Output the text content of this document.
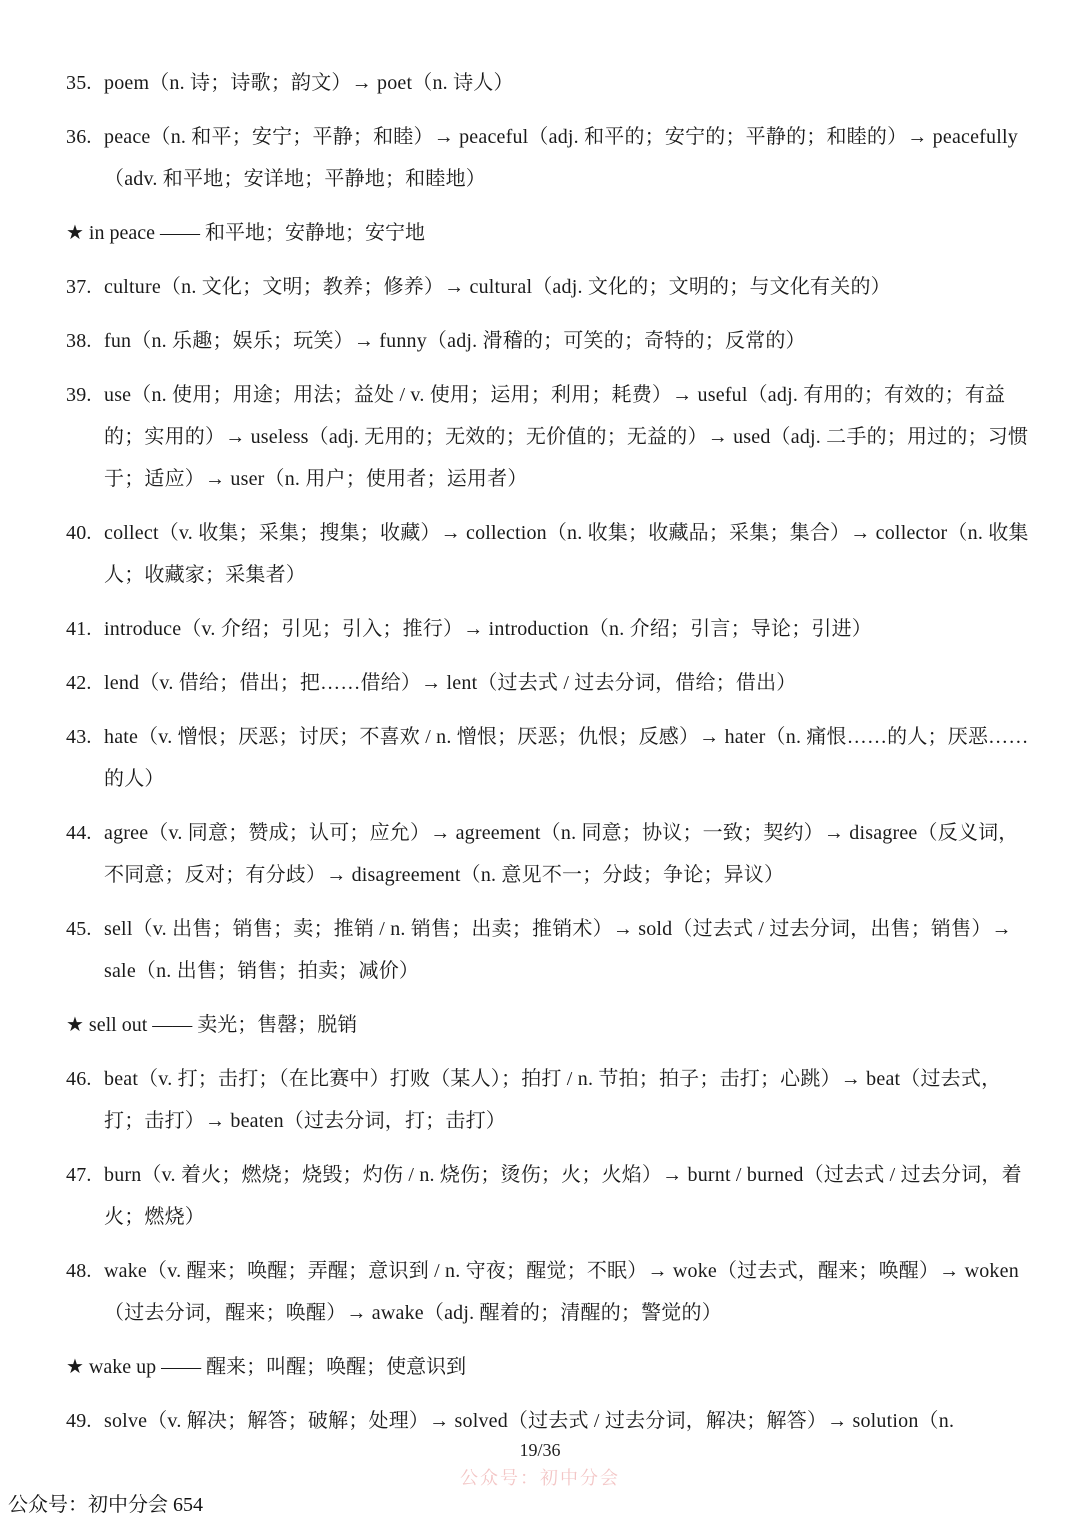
35. poem（n. 诗；诗歌；韵文）→ poet（n. 诗人）
36. peace（n. 和平；安宁；平静；和睦）→ peaceful（adj. 和平的；安宁的；平静的；和睦的）→ peacefully（adv. 和平地；安详地；平静地；和睦地）
★ in peace —— 和平地；安静地；安宁地
37. culture（n. 文化；文明；教养；修养）→ cultural（adj. 文化的；文明的；与文化有关的）
38. fun（n. 乐趣；娱乐；玩笑）→ funny（adj. 滑稽的；可笑的；奇特的；反常的）
39. use（n. 使用；用途；用法；益处 / v. 使用；运用；利用；耗费）→ useful（adj. 有用的；有效的；有益的；实用的）→ useless（adj. 无用的；无效的；无价值的；无益的）→ used（adj. 二手的；用过的；习惯于；适应）→ user（n. 用户；使用者；运用者）
40. collect（v. 收集；采集；搜集；收藏）→ collection（n. 收集；收藏品；采集；集合）→ collector（n. 收集人；收藏家；采集者）
41. introduce（v. 介绍；引见；引入；推行）→ introduction（n. 介绍；引言；导论；引进）
42. lend（v. 借给；借出；把……借给）→ lent（过去式 / 过去分词，借给；借出）
43. hate（v. 憎恨；厌恶；讨厌；不喜欢 / n. 憎恨；厌恶；仇恨；反感）→ hater（n. 痛恨……的人；厌恶……的人）
44. agree（v. 同意；赞成；认可；应允）→ agreement（n. 同意；协议；一致；契约）→ disagree（反义词，不同意；反对；有分歧）→ disagreement（n. 意见不一；分歧；争论；异议）
45. sell（v. 出售；销售；卖；推销 / n. 销售；出卖；推销术）→ sold（过去式 / 过去分词，出售；销售）→ sale（n. 出售；销售；拍卖；减价）
★ sell out —— 卖光；售罄；脱销
46. beat（v. 打；击打；（在比赛中）打败（某人）；拍打 / n. 节拍；拍子；击打；心跳）→ beat（过去式，打；击打）→ beaten（过去分词，打；击打）
47. burn（v. 着火；燃烧；烧毁；灼伤 / n. 烧伤；烫伤；火；火焰）→ burnt / burned（过去式 / 过去分词，着火；燃烧）
48. wake（v. 醒来；唤醒；弄醒；意识到 / n. 守夜；醒觉；不眠）→ woke（过去式，醒来；唤醒）→ woken（过去分词，醒来；唤醒）→ awake（adj. 醒着的；清醒的；警觉的）
★ wake up —— 醒来；叫醒；唤醒；使意识到
49. solve（v. 解决；解答；破解；处理）→ solved（过去式 / 过去分词，解决；解答）→ solution（n.
19/36
公众号：初中分会
公众号：初中分会 654
